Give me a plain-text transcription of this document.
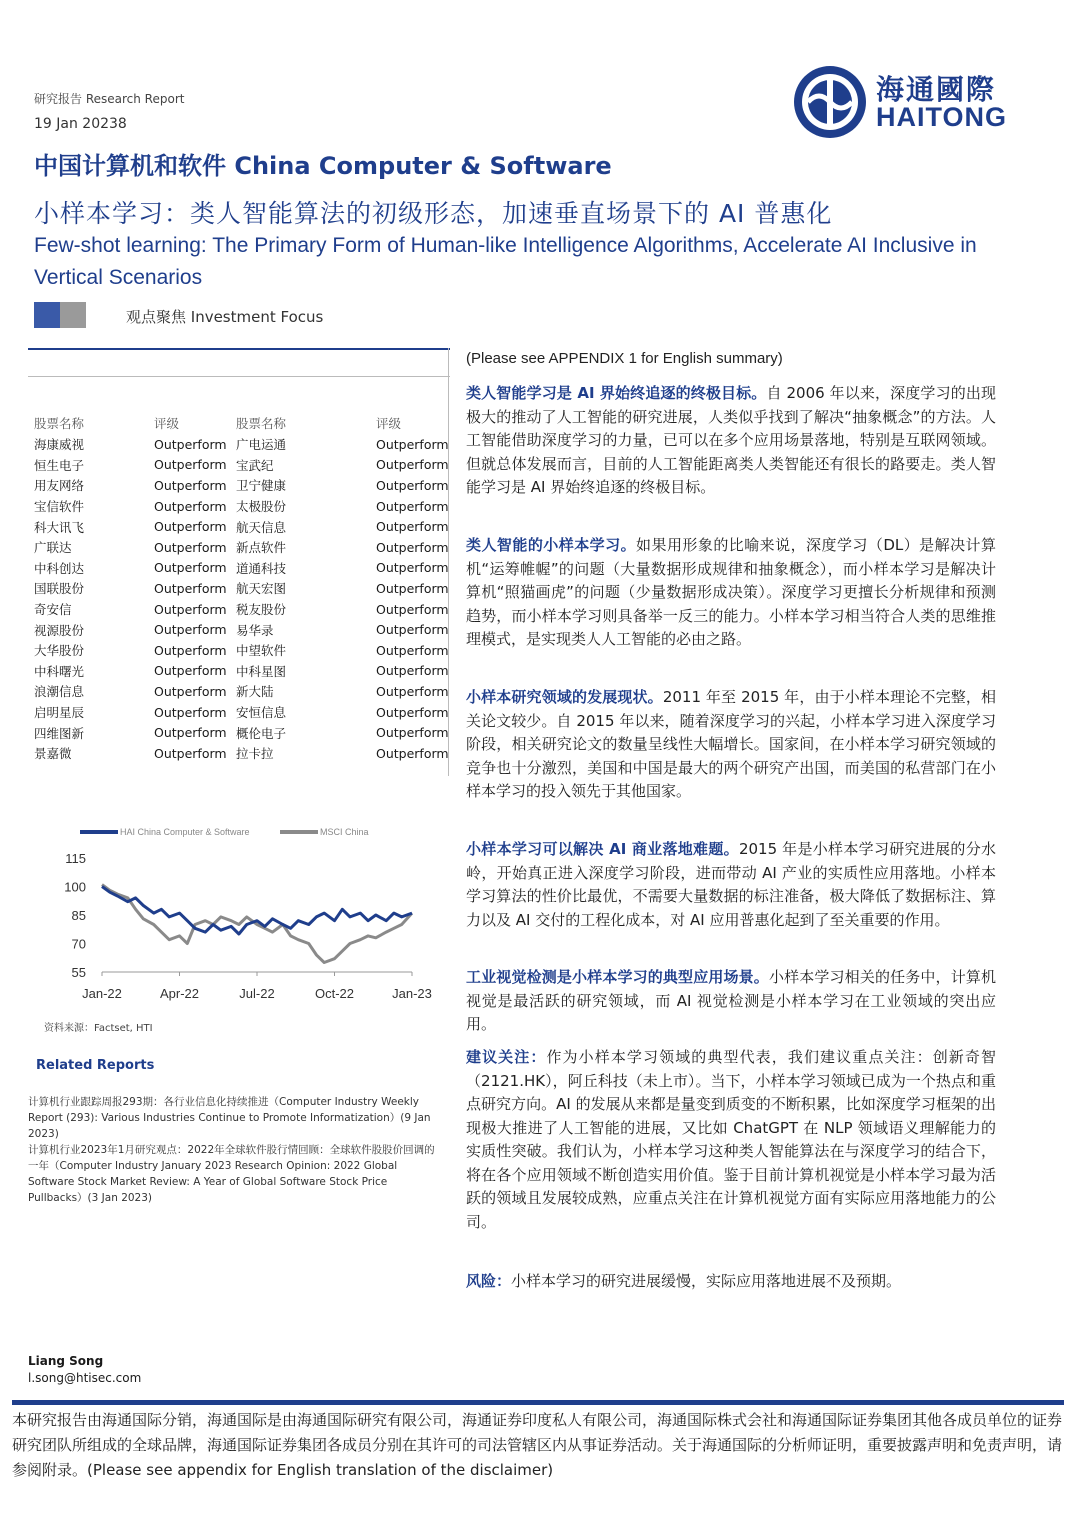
研究报告 Research Report
19 Jan 20238
中国计算机和软件 China Computer & Software
小样本学习：类人智能算法的初级形态，加速垂直场景下的 AI 普惠化
Few-shot learning: The Primary Form of Human-like Intelligence Algorithms, Accelerate AI Inclusive in Vertical Scenarios
观点聚焦 Investment Focus
海通國際
HAITONG
股票名称	评级	股票名称	评级
海康威视	Outperform	广电运通	Outperform
恒生电子	Outperform	宝武纪	Outperform
用友网络	Outperform	卫宁健康	Outperform
宝信软件	Outperform	太极股份	Outperform
科大讯飞	Outperform	航天信息	Outperform
广联达	Outperform	新点软件	Outperform
中科创达	Outperform	道通科技	Outperform
国联股份	Outperform	航天宏图	Outperform
奇安信	Outperform	税友股份	Outperform
视源股份	Outperform	易华录	Outperform
大华股份	Outperform	中望软件	Outperform
中科曙光	Outperform	中科星图	Outperform
浪潮信息	Outperform	新大陆	Outperform
启明星辰	Outperform	安恒信息	Outperform
四维图新	Outperform	概伦电子	Outperform
景嘉微	Outperform	拉卡拉	Outperform
HAI China Computer & Software	MSCI China
115
100
85
70
55
Jan-22	Apr-22	Jul-22	Oct-22	Jan-23
资料来源：Factset, HTI
Related Reports
计算机行业跟踪周报293期：各行业信息化持续推进（Computer Industry Weekly Report (293): Various Industries Continue to Promote Informatization）(9 Jan 2023)
计算机行业2023年1月研究观点：2022年全球软件股行情回顾：全球软件股股价回调的一年（Computer Industry January 2023 Research Opinion: 2022 Global Software Stock Market Review: A Year of Global Software Stock Price Pullbacks）(3 Jan 2023)
Liang Song
l.song@htisec.com
(Please see APPENDIX 1 for English summary)
类人智能学习是 AI 界始终追逐的终极目标。自 2006 年以来，深度学习的出现极大的推动了人工智能的研究进展，人类似乎找到了解决“抽象概念”的方法。人工智能借助深度学习的力量，已可以在多个应用场景落地，特别是互联网领域。但就总体发展而言，目前的人工智能距离类人类智能还有很长的路要走。类人智能学习是 AI 界始终追逐的终极目标。
类人智能的小样本学习。如果用形象的比喻来说，深度学习（DL）是解决计算机“运筹帷幄”的问题（大量数据形成规律和抽象概念），而小样本学习是解决计算机“照猫画虎”的问题（少量数据形成决策）。深度学习更擅长分析规律和预测趋势，而小样本学习则具备举一反三的能力。小样本学习相当符合人类的思维推理模式，是实现类人人工智能的必由之路。
小样本研究领域的发展现状。2011 年至 2015 年，由于小样本理论不完整，相关论文较少。自 2015 年以来，随着深度学习的兴起，小样本学习进入深度学习阶段，相关研究论文的数量呈线性大幅增长。国家间，在小样本学习研究领域的竞争也十分激烈，美国和中国是最大的两个研究产出国，而美国的私营部门在小样本学习的投入领先于其他国家。
小样本学习可以解决 AI 商业落地难题。2015 年是小样本学习研究进展的分水岭，开始真正进入深度学习阶段，进而带动 AI 产业的实质性应用落地。小样本学习算法的性价比最优，不需要大量数据的标注准备，极大降低了数据标注、算力以及 AI 交付的工程化成本，对 AI 应用普惠化起到了至关重要的作用。
工业视觉检测是小样本学习的典型应用场景。小样本学习相关的任务中，计算机视觉是最活跃的研究领域，而 AI 视觉检测是小样本学习在工业领域的突出应用。
建议关注：作为小样本学习领域的典型代表，我们建议重点关注：创新奇智（2121.HK），阿丘科技（未上市）。当下，小样本学习领域已成为一个热点和重点研究方向。AI 的发展从来都是量变到质变的不断积累，比如深度学习框架的出现极大推进了人工智能的进展，又比如 ChatGPT 在 NLP 领域语义理解能力的实质性突破。我们认为，小样本学习这种类人智能算法在与深度学习的结合下，将在各个应用领域不断创造实用价值。鉴于目前计算机视觉是小样本学习最为活跃的领域且发展较成熟，应重点关注在计算机视觉方面有实际应用落地能力的公司。
风险：小样本学习的研究进展缓慢，实际应用落地进展不及预期。
本研究报告由海通国际分销，海通国际是由海通国际研究有限公司，海通证券印度私人有限公司，海通国际株式会社和海通国际证券集团其他各成员单位的证券研究团队所组成的全球品牌，海通国际证券集团各成员分别在其许可的司法管辖区内从事证券活动。关于海通国际的分析师证明，重要披露声明和免责声明，请参阅附录。(Please see appendix for English translation of the disclaimer)
